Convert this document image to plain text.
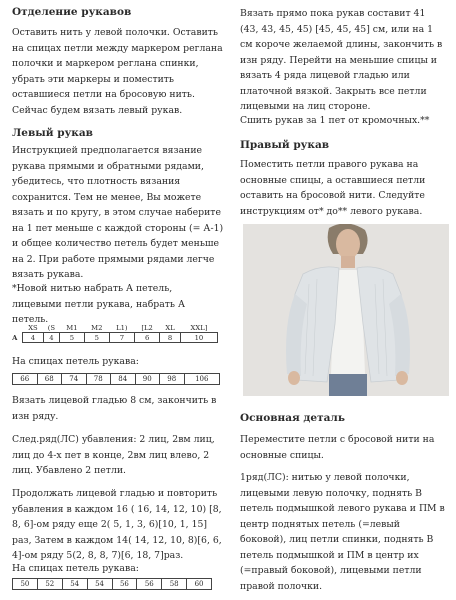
Отделение рукавов

Оставить нить у левой полочки. Оставить на спицах петли между маркером реглана полочки и маркером реглана спинки, убрать эти маркеры и поместить оставшиеся петли на бросовую нить. Сейчас будем вязать левый рукав.

Левый рукав

Инструкцией предполагается вязание рукава прямыми и обратными рядами, убедитесь, что плотность вязания сохранится. Тем не менее, Вы можете вязать и по кругу, в этом случае наберите на 1 пет меньше с каждой стороны (= А-1) и общее количество петель будет меньше на 2. При работе прямыми рядами легче вязать рукава.

*Новой нитью набрать А петель, лицевыми петли рукава, набрать А петель.

	XS	(S	M1	M2	L1)	[L2	XL	XXL]
А	4	4	5	5	7	6	8	10

На спицах петель рукава:

66	68	74	78	84	90	98	106

Вязать лицевой гладью 8 см, закончить в изн ряду.

След.ряд(ЛС) убавления: 2 лиц, 2вм лиц, лиц до 4-х пет в конце, 2вм лиц влево, 2 лиц. Убавлено 2 петли.

Продолжать лицевой гладью и повторить убавления в каждом 16 ( 16, 14, 12, 10) [8, 8, 6]-ом ряду еще 2( 5, 1, 3, 6)[10, 1, 15] раз, Затем в каждом 14( 14, 12, 10, 8)[6, 6, 4]-ом ряду 5(2, 8, 8, 7)[6, 18, 7]раз.

На спицах петель рукава:

50	52	54	54	56	56	58	60

Вязать прямо пока рукав составит 41 (43, 43, 45, 45) [45, 45, 45] см, или на 1 см короче желаемой длины, закончить в изн ряду. Перейти на меньшие спицы и вязать 4 ряда лицевой гладью или платочной вязкой. Закрыть все петли лицевыми на лиц стороне.

Сшить рукав за 1 пет от кромочных.**

Правый рукав

Поместить петли правого рукава на основные спицы, а оставшиеся петли оставить на бросовой нити. Следуйте инструкциям от* до** левого рукава.

Основная деталь

Переместите петли с бросовой нити на основные спицы.

1ряд(ЛС): нитью у левой полочки, лицевыми левую полочку, поднять В петель подмышкой левого рукава и ПМ в центр поднятых петель (=левый боковой), лиц петли спинки, поднять В петель подмышкой и ПМ в центр их (=правый боковой), лицевыми петли правой полочки.
